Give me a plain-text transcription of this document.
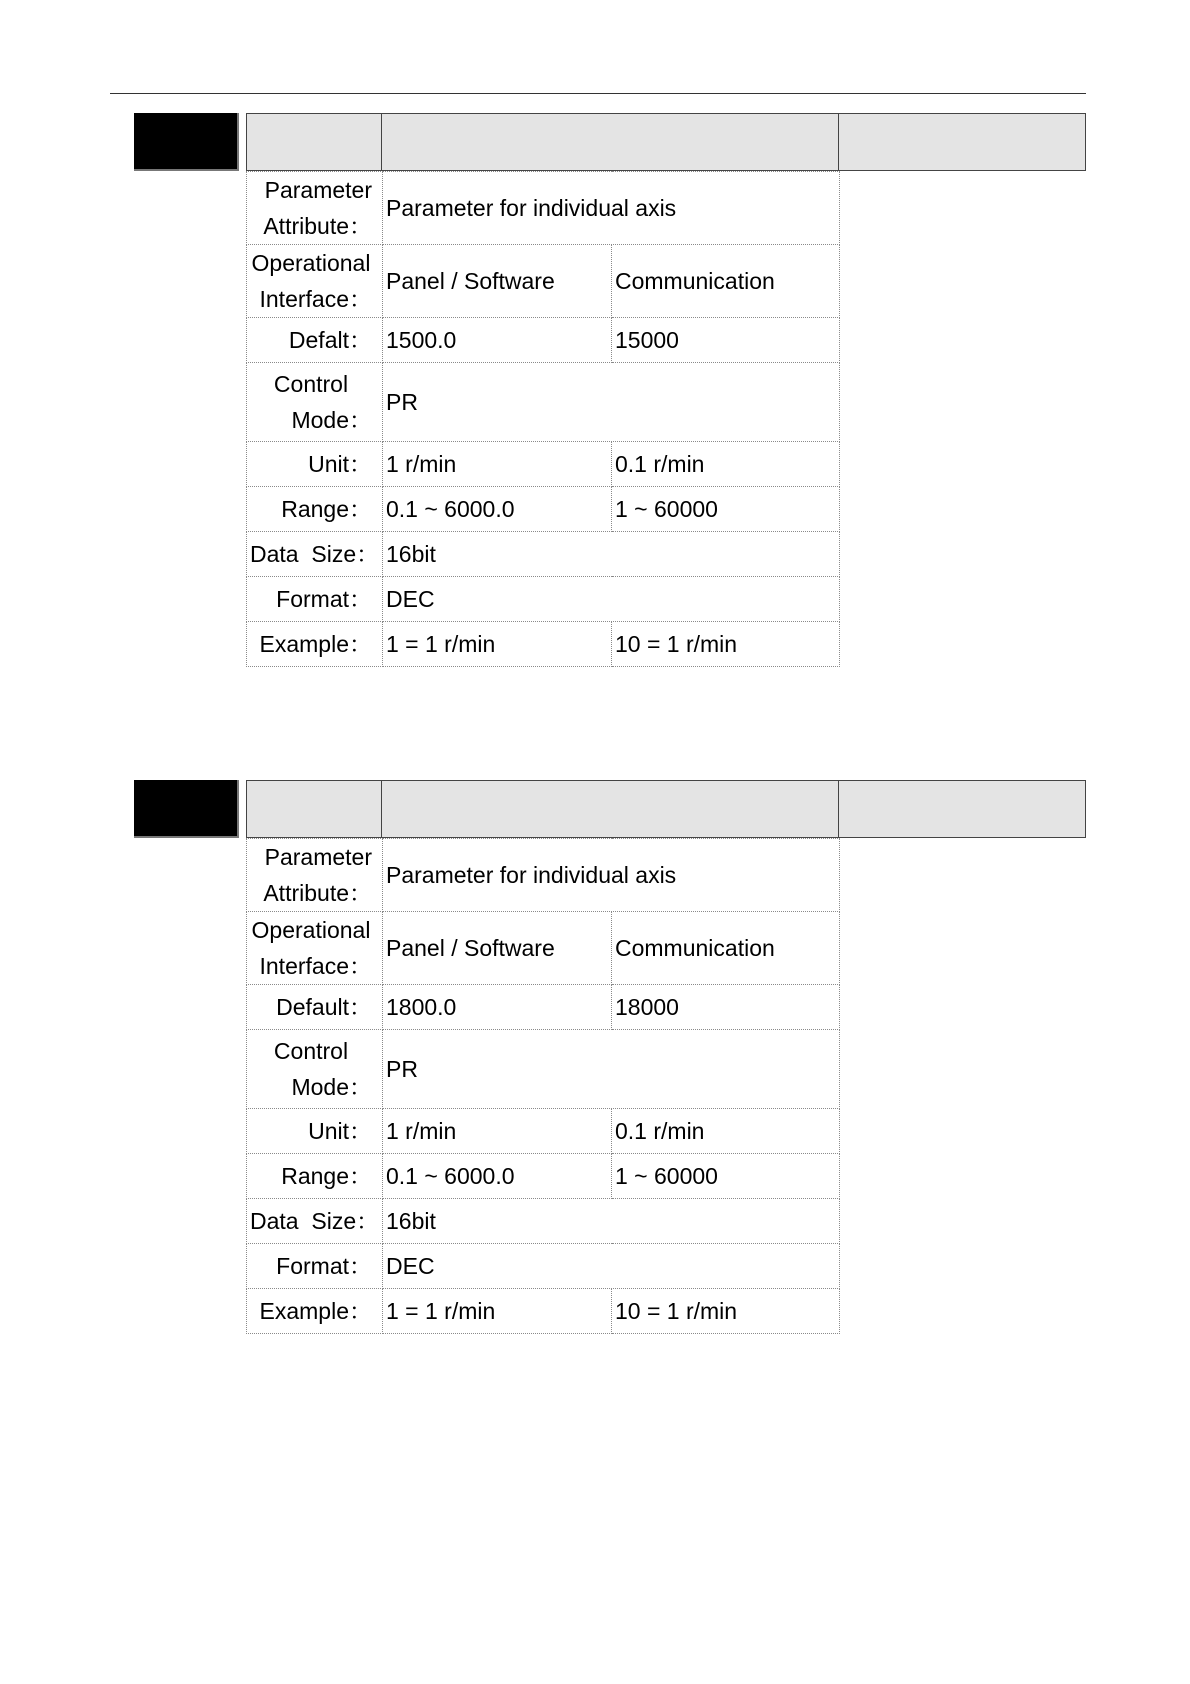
Parameter
Attribute：	Parameter for individual axis	

Operational
Interface：	Panel / Software	Communication
Defalt：	1500.0	15000

Control
Mode：	PR	
Unit：	1 r/min	0.1 r/min
Range：	0.1 ~ 6000.0	1 ~ 60000
Data  Size：	16bit	
Format：	DEC	
Example：	1 = 1 r/min	10 = 1 r/min
Parameter
Attribute：	Parameter for individual axis	

Operational
Interface：	Panel / Software	Communication
Default：	1800.0	18000

Control
Mode：	PR	
Unit：	1 r/min	0.1 r/min
Range：	0.1 ~ 6000.0	1 ~ 60000
Data  Size：	16bit	
Format：	DEC	
Example：	1 = 1 r/min	10 = 1 r/min
